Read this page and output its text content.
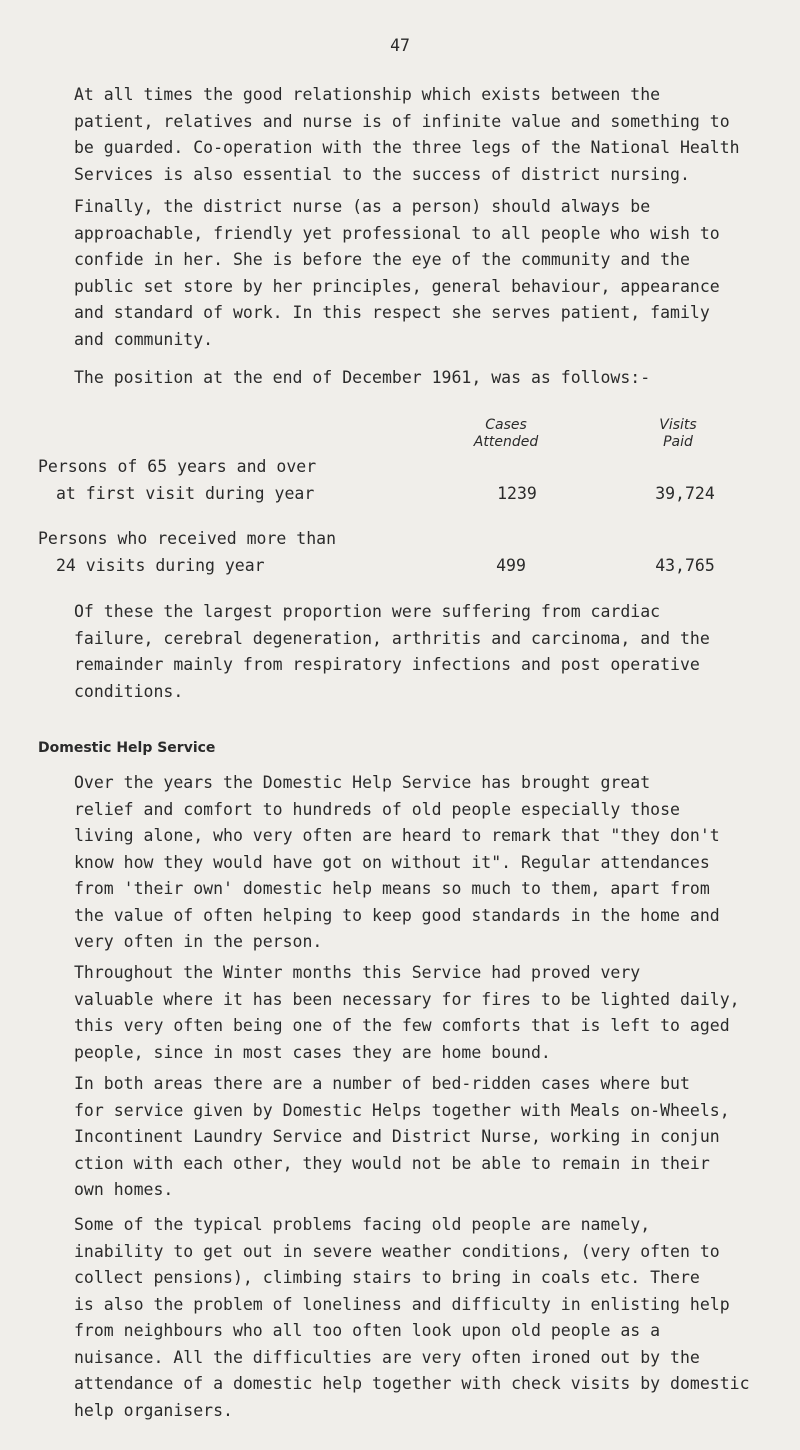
47

At all times the good relationship which exists between the
patient, relatives and nurse is of infinite value and something to
be guarded. Co-operation with the three legs of the National Health
Services is also essential to the success of district nursing.

Finally, the district nurse (as a person) should always be
approachable, friendly yet professional to all people who wish to
confide in her. She is before the eye of the community and the
public set store by her principles, general behaviour, appearance
and standard of work. In this respect she serves patient, family
and community.

The position at the end of December 1961, was as follows:-
Cases
Attended
Visits
Paid
Persons of 65 years and over
at first visit during year	1239	39,724
Persons who received more than
24 visits during year	499	43,765

Of these the largest proportion were suffering from cardiac
failure, cerebral degeneration, arthritis and carcinoma, and the
remainder mainly from respiratory infections and post operative
conditions.

Domestic Help Service

Over the years the Domestic Help Service has brought great
relief and comfort to hundreds of old people especially those
living alone, who very often are heard to remark that "they don't
know how they would have got on without it". Regular attendances
from 'their own' domestic help means so much to them, apart from
the value of often helping to keep good standards in the home and
very often in the person.

Throughout the Winter months this Service had proved very
valuable where it has been necessary for fires to be lighted daily,
this very often being one of the few comforts that is left to aged
people, since in most cases they are home bound.

In both areas there are a number of bed-ridden cases where but
for service given by Domestic Helps together with Meals on-Wheels,
Incontinent Laundry Service and District Nurse, working in conjun
ction with each other, they would not be able to remain in their
own homes.

Some of the typical problems facing old people are namely,
inability to get out in severe weather conditions, (very often to
collect pensions), climbing stairs to bring in coals etc. There
is also the problem of loneliness and difficulty in enlisting help
from neighbours who all too often look upon old people as a
nuisance. All the difficulties are very often ironed out by the
attendance of a domestic help together with check visits by domestic
help organisers.
